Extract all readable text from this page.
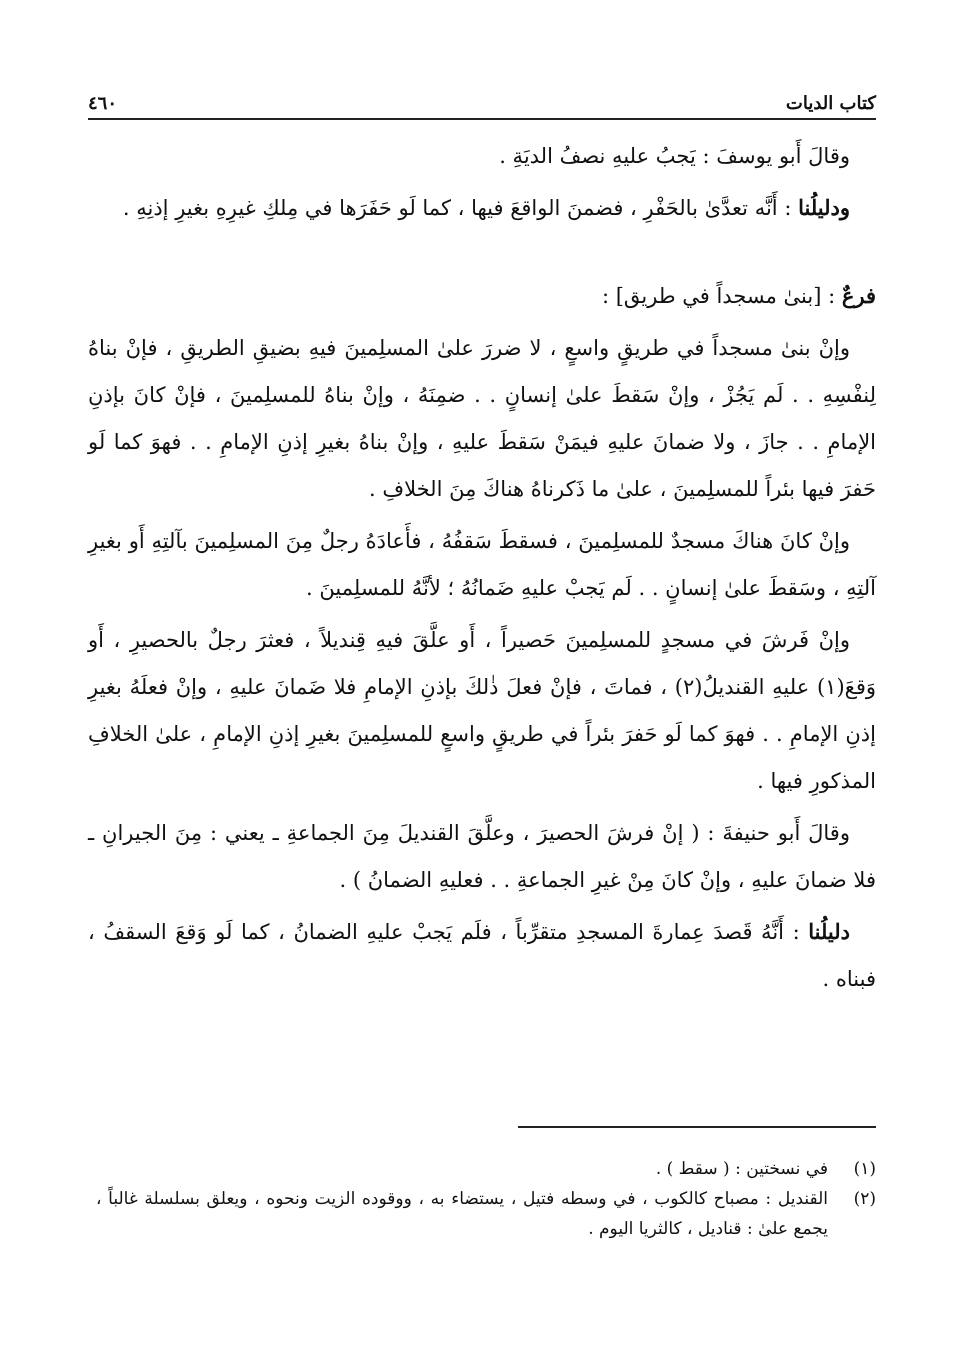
كتاب الديات
٤٦٠

وقالَ أَبو يوسفَ : يَجبُ عليهِ نصفُ الديَةِ .

ودليلُنا : أَنَّه تعدَّىٰ بالحَفْرِ ، فضمنَ الواقعَ فيها ، كما لَو حَفَرَها في مِلكِ غيرِهِ بغيرِ إذنِهِ .

فرعٌ : [بنىٰ مسجداً في طريق] :

وإنْ بنىٰ مسجداً في طريقٍ واسعٍ ، لا ضررَ علىٰ المسلِمينَ فيهِ بضيقِ الطريقِ ، فإنْ بناهُ لِنفْسِهِ . . لَم يَجُزْ ، وإنْ سَقطَ علىٰ إنسانٍ . . ضمِنَهُ ، وإنْ بناهُ للمسلِمينَ ، فإنْ كانَ بإذنِ الإمامِ . . جازَ ، ولا ضمانَ عليهِ فيمَنْ سَقطَ عليهِ ، وإنْ بناهُ بغيرِ إذنِ الإمامِ . . فهوَ كما لَو حَفرَ فيها بئراً للمسلِمينَ ، علىٰ ما ذَكرناهُ هناكَ مِنَ الخلافِ .

وإنْ كانَ هناكَ مسجدٌ للمسلِمينَ ، فسقطَ سَقفُهُ ، فأَعادَهُ رجلٌ مِنَ المسلِمينَ بآلتِهِ أَو بغيرِ آلتِهِ ، وسَقطَ علىٰ إنسانٍ . . لَم يَجبْ عليهِ ضَمانُهُ ؛ لأنَّهُ للمسلِمينَ .

وإنْ فَرشَ في مسجدٍ للمسلِمينَ حَصيراً ، أَو علَّقَ فيهِ قِنديلاً ، فعثرَ رجلٌ بالحصيرِ ، أَو وَقعَ(١) عليهِ القنديلُ(٢) ، فماتَ ، فإنْ فعلَ ذٰلكَ بإذنِ الإمامِ فلا ضَمانَ عليهِ ، وإنْ فعلَهُ بغيرِ إذنِ الإمامِ . . فهوَ كما لَو حَفرَ بئراً في طريقٍ واسعٍ للمسلِمينَ بغيرِ إذنِ الإمامِ ، علىٰ الخلافِ المذكورِ فيها .

وقالَ أَبو حنيفةَ : ( إنْ فرشَ الحصيرَ ، وعلَّقَ القنديلَ مِنَ الجماعةِ ـ يعني : مِنَ الجيرانِ ـ فلا ضمانَ عليهِ ، وإنْ كانَ مِنْ غيرِ الجماعةِ . . فعليهِ الضمانُ ) .

دليلُنا : أَنَّهُ قَصدَ عِمارةَ المسجدِ متقرِّباً ، فلَم يَجبْ عليهِ الضمانُ ، كما لَو وَقعَ السقفُ ، فبناه .

(١)
في نسختين : ( سقط ) .
(٢)
القنديل : مصباح كالكوب ، في وسطه فتيل ، يستضاء به ، ووقوده الزيت ونحوه ، ويعلق بسلسلة غالباً ، يجمع علىٰ : قناديل ، كالثريا اليوم .
